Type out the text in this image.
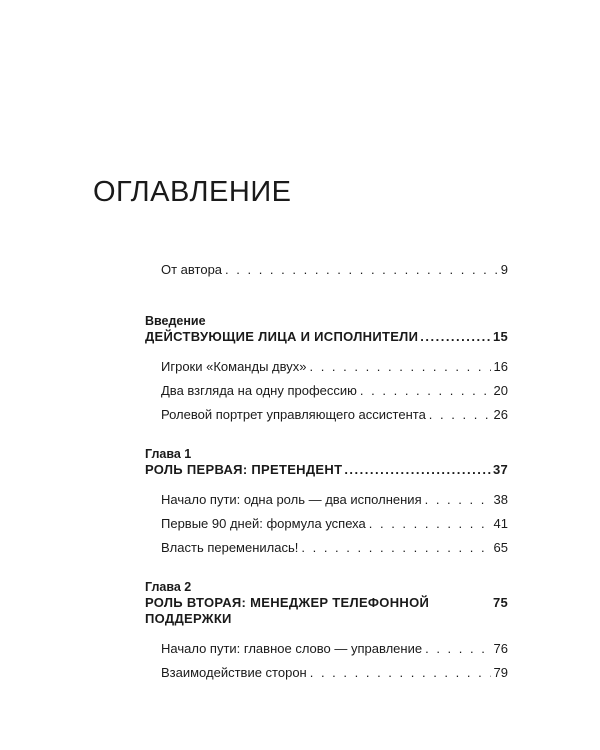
ОГЛАВЛЕНИЕ
От автора . . .	9
Введение
ДЕЙСТВУЮЩИЕ ЛИЦА И ИСПОЛНИТЕЛИ .....	15
Игроки «Команды двух» . . .	16
Два взгляда на одну профессию . . .	20
Ролевой портрет управляющего ассистента . . .	26
Глава 1
РОЛЬ ПЕРВАЯ: ПРЕТЕНДЕНТ .....	37
Начало пути: одна роль — два исполнения . . .	38
Первые 90 дней: формула успеха . . .	41
Власть переменилась! . . .	65
Глава 2
РОЛЬ ВТОРАЯ: МЕНЕДЖЕР ТЕЛЕФОННОЙ ПОДДЕРЖКИ
75
Начало пути: главное слово — управление . . .	76
Взаимодействие сторон . . .	79
